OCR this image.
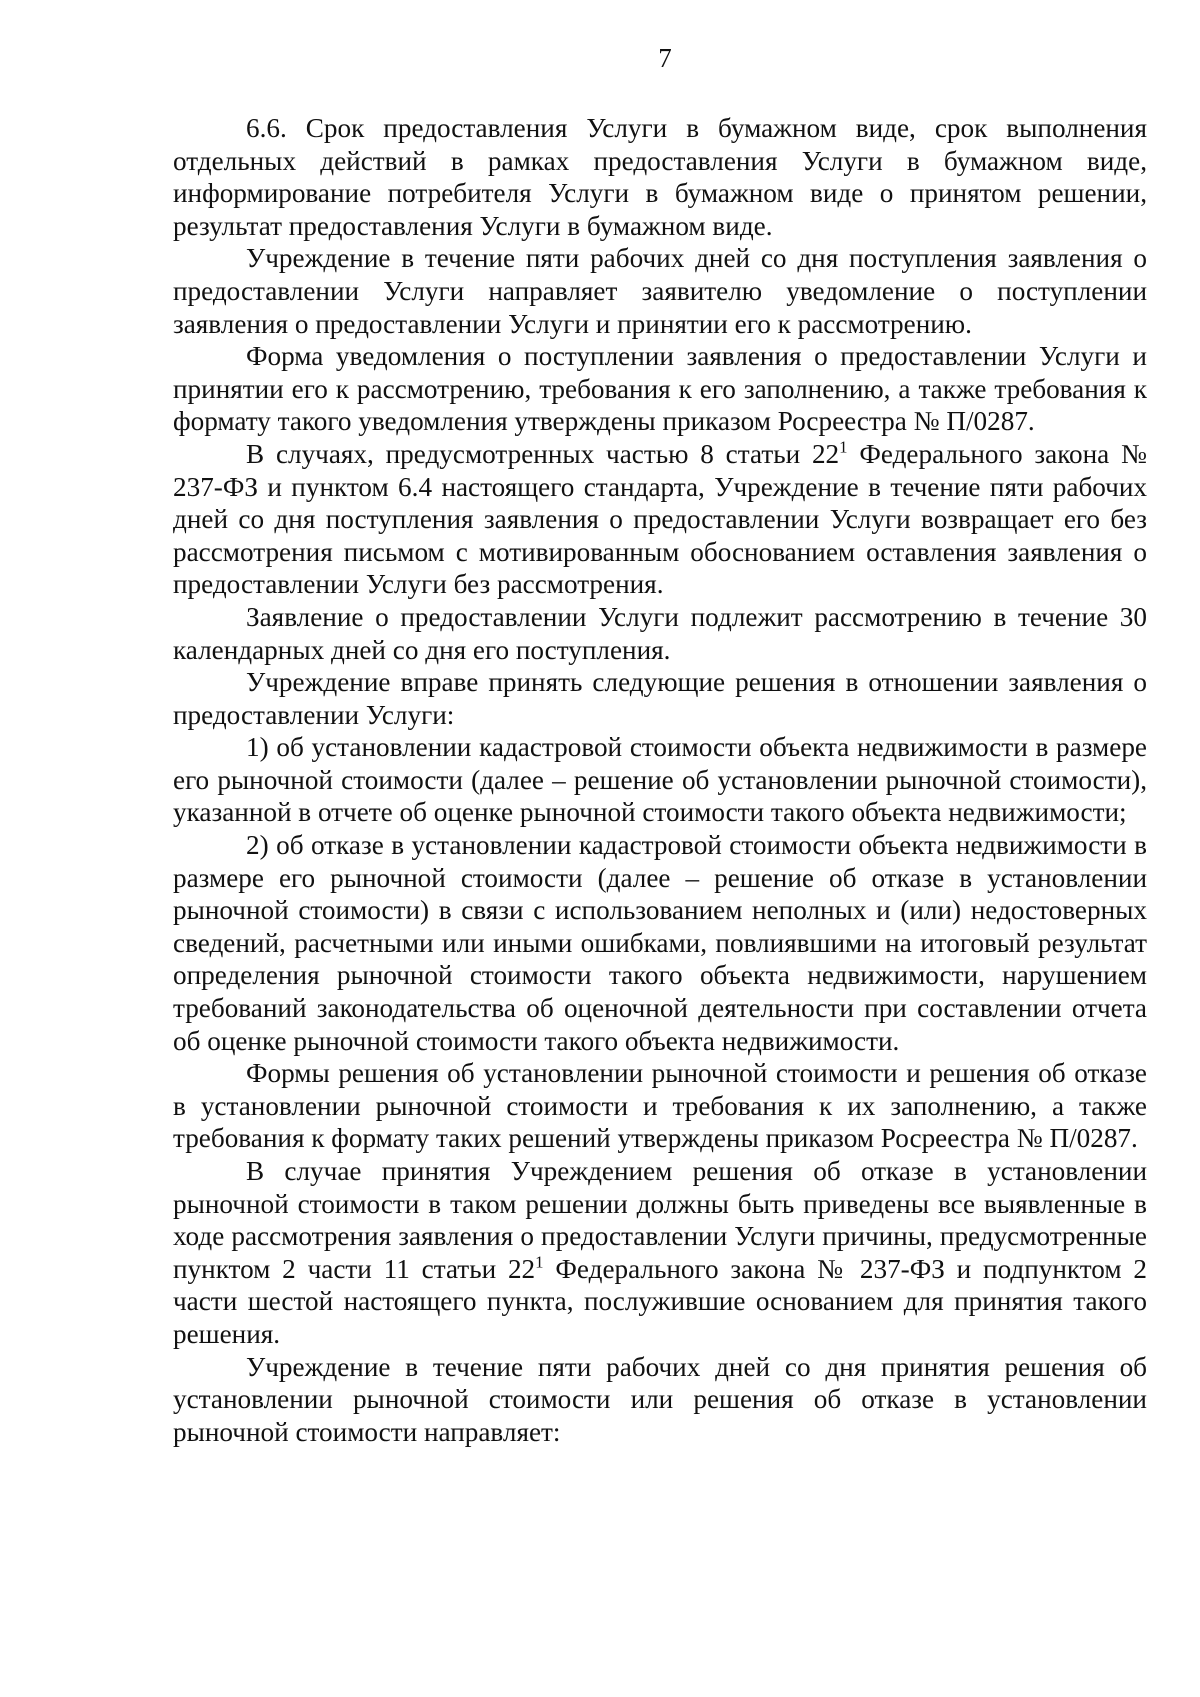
7

6.6. Срок предоставления Услуги в бумажном виде, срок выполнения отдельных действий в рамках предоставления Услуги в бумажном виде, информирование потребителя Услуги в бумажном виде о принятом решении, результат предоставления Услуги в бумажном виде.

Учреждение в течение пяти рабочих дней со дня поступления заявления о предоставлении Услуги направляет заявителю уведомление о поступлении заявления о предоставлении Услуги и принятии его к рассмотрению.

Форма уведомления о поступлении заявления о предоставлении Услуги и принятии его к рассмотрению, требования к его заполнению, а также требования к формату такого уведомления утверждены приказом Росреестра № П/0287.

В случаях, предусмотренных частью 8 статьи $22^1$ Федерального закона № 237-ФЗ и пунктом 6.4 настоящего стандарта, Учреждение в течение пяти рабочих дней со дня поступления заявления о предоставлении Услуги возвращает его без рассмотрения письмом с мотивированным обоснованием оставления заявления о предоставлении Услуги без рассмотрения.

Заявление о предоставлении Услуги подлежит рассмотрению в течение 30 календарных дней со дня его поступления.

Учреждение вправе принять следующие решения в отношении заявления о предоставлении Услуги:

1) об установлении кадастровой стоимости объекта недвижимости в размере его рыночной стоимости (далее – решение об установлении рыночной стоимости), указанной в отчете об оценке рыночной стоимости такого объекта недвижимости;

2) об отказе в установлении кадастровой стоимости объекта недвижимости в размере его рыночной стоимости (далее – решение об отказе в установлении рыночной стоимости) в связи с использованием неполных и (или) недостоверных сведений, расчетными или иными ошибками, повлиявшими на итоговый результат определения рыночной стоимости такого объекта недвижимости, нарушением требований законодательства об оценочной деятельности при составлении отчета об оценке рыночной стоимости такого объекта недвижимости.

Формы решения об установлении рыночной стоимости и решения об отказе в установлении рыночной стоимости и требования к их заполнению, а также требования к формату таких решений утверждены приказом Росреестра № П/0287.

В случае принятия Учреждением решения об отказе в установлении рыночной стоимости в таком решении должны быть приведены все выявленные в ходе рассмотрения заявления о предоставлении Услуги причины, предусмотренные пунктом 2 части 11 статьи $22^1$ Федерального закона № 237-ФЗ и подпунктом 2 части шестой настоящего пункта, послужившие основанием для принятия такого решения.

Учреждение в течение пяти рабочих дней со дня принятия решения об установлении рыночной стоимости или решения об отказе в установлении рыночной стоимости направляет:
